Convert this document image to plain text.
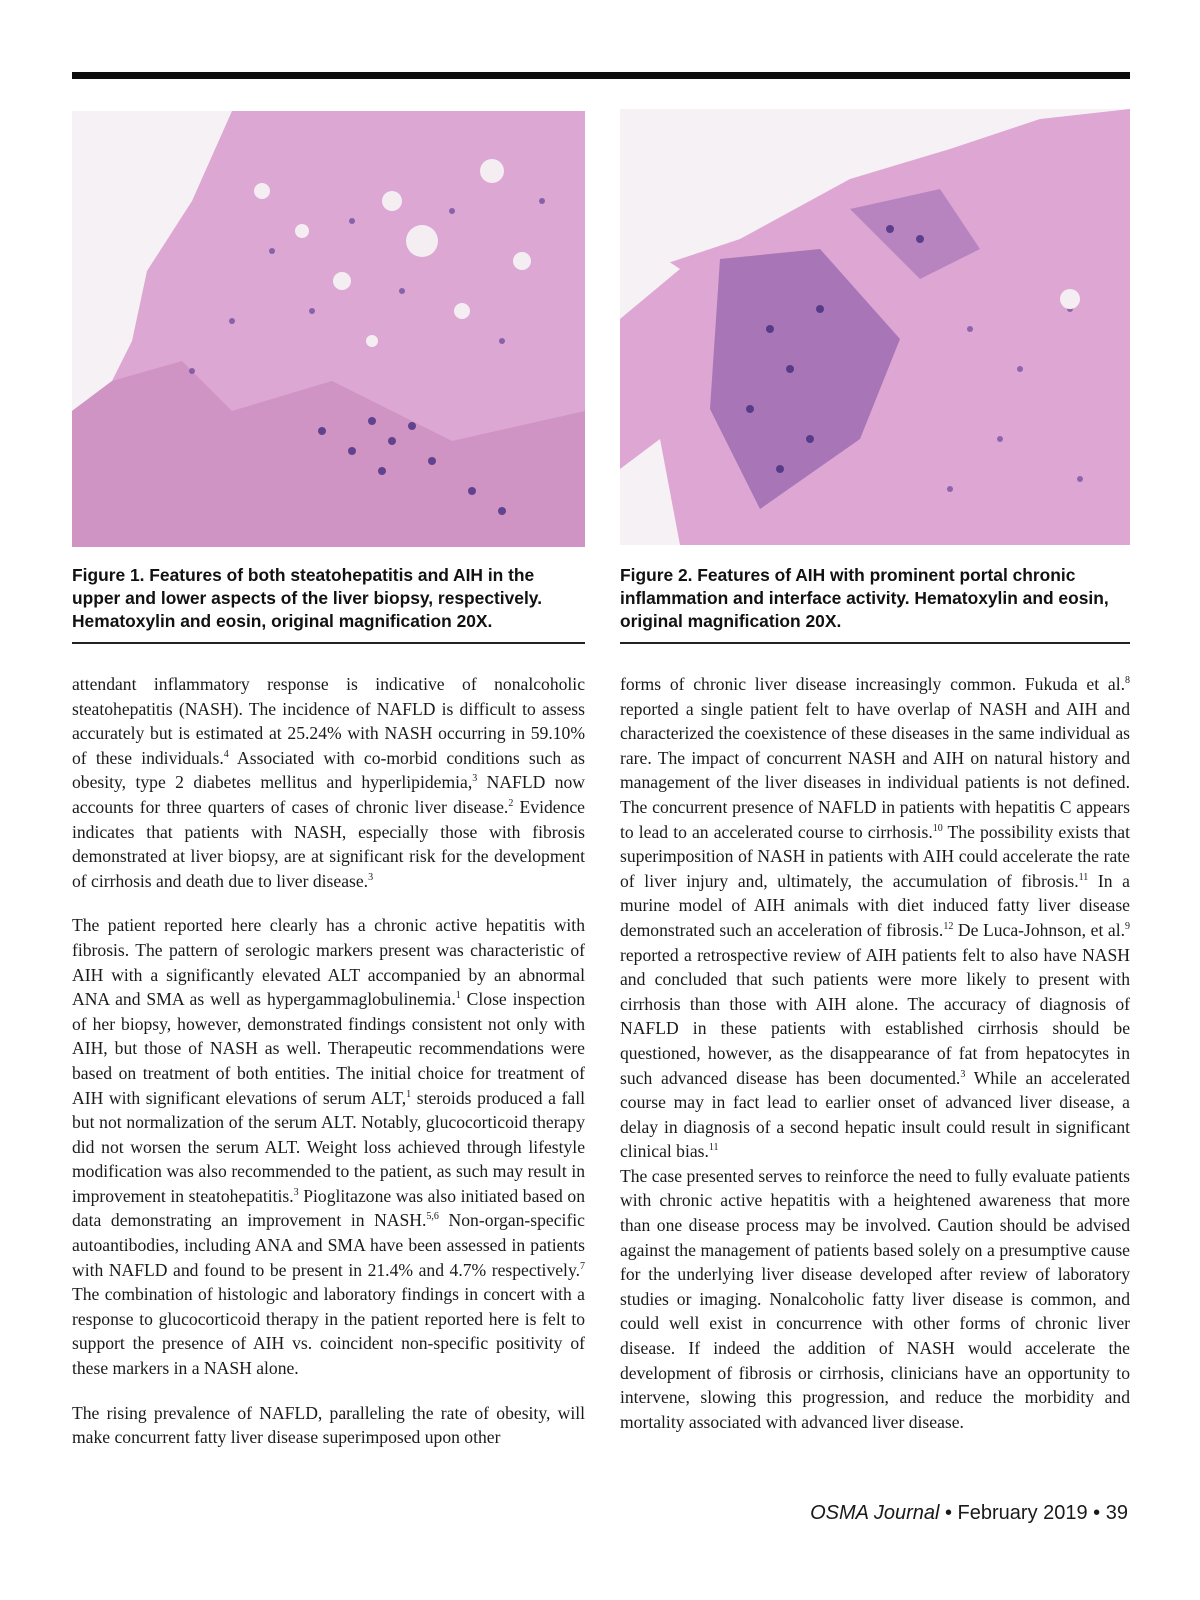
Figure 1. Features of both steatohepatitis and AIH in the upper and lower aspects of the liver biopsy, respectively. Hematoxylin and eosin, original magnification 20X.
Figure 2. Features of AIH with prominent portal chronic inflammation and interface activity. Hematoxylin and eosin, original magnification 20X.

attendant inflammatory response is indicative of nonalcoholic steatohepatitis (NASH). The incidence of NAFLD is difficult to assess accurately but is estimated at 25.24% with NASH occurring in 59.10% of these individuals.$^4$ Associated with co-morbid conditions such as obesity, type 2 diabetes mellitus and hyperlipidemia,$^3$ NAFLD now accounts for three quarters of cases of chronic liver disease.$^2$ Evidence indicates that patients with NASH, especially those with fibrosis demonstrated at liver biopsy, are at significant risk for the development of cirrhosis and death due to liver disease.$^3$

The patient reported here clearly has a chronic active hepatitis with fibrosis. The pattern of serologic markers present was characteristic of AIH with a significantly elevated ALT accompanied by an abnormal ANA and SMA as well as hypergammaglobulinemia.$^1$ Close inspection of her biopsy, however, demonstrated findings consistent not only with AIH, but those of NASH as well. Therapeutic recommendations were based on treatment of both entities. The initial choice for treatment of AIH with significant elevations of serum ALT,$^1$ steroids produced a fall but not normalization of the serum ALT. Notably, glucocorticoid therapy did not worsen the serum ALT. Weight loss achieved through lifestyle modification was also recommended to the patient, as such may result in improvement in steatohepatitis.$^3$ Pioglitazone was also initiated based on data demonstrating an improvement in NASH.$^{5,6}$ Non-organ-specific autoantibodies, including ANA and SMA have been assessed in patients with NAFLD and found to be present in 21.4% and 4.7% respectively.$^7$ The combination of histologic and laboratory findings in concert with a response to glucocorticoid therapy in the patient reported here is felt to support the presence of AIH vs. coincident non-specific positivity of these markers in a NASH alone.

The rising prevalence of NAFLD, paralleling the rate of obesity, will make concurrent fatty liver disease superimposed upon other

forms of chronic liver disease increasingly common. Fukuda et al.$^8$ reported a single patient felt to have overlap of NASH and AIH and characterized the coexistence of these diseases in the same individual as rare. The impact of concurrent NASH and AIH on natural history and management of the liver diseases in individual patients is not defined. The concurrent presence of NAFLD in patients with hepatitis C appears to lead to an accelerated course to cirrhosis.$^{10}$ The possibility exists that superimposition of NASH in patients with AIH could accelerate the rate of liver injury and, ultimately, the accumulation of fibrosis.$^{11}$ In a murine model of AIH animals with diet induced fatty liver disease demonstrated such an acceleration of fibrosis.$^{12}$ De Luca-Johnson, et al.$^9$ reported a retrospective review of AIH patients felt to also have NASH and concluded that such patients were more likely to present with cirrhosis than those with AIH alone. The accuracy of diagnosis of NAFLD in these patients with established cirrhosis should be questioned, however, as the disappearance of fat from hepatocytes in such advanced disease has been documented.$^3$ While an accelerated course may in fact lead to earlier onset of advanced liver disease, a delay in diagnosis of a second hepatic insult could result in significant clinical bias.$^{11}$

The case presented serves to reinforce the need to fully evaluate patients with chronic active hepatitis with a heightened awareness that more than one disease process may be involved. Caution should be advised against the management of patients based solely on a presumptive cause for the underlying liver disease developed after review of laboratory studies or imaging. Nonalcoholic fatty liver disease is common, and could well exist in concurrence with other forms of chronic liver disease. If indeed the addition of NASH would accelerate the development of fibrosis or cirrhosis, clinicians have an opportunity to intervene, slowing this progression, and reduce the morbidity and mortality associated with advanced liver disease.

OSMA Journal • February 2019 • 39
